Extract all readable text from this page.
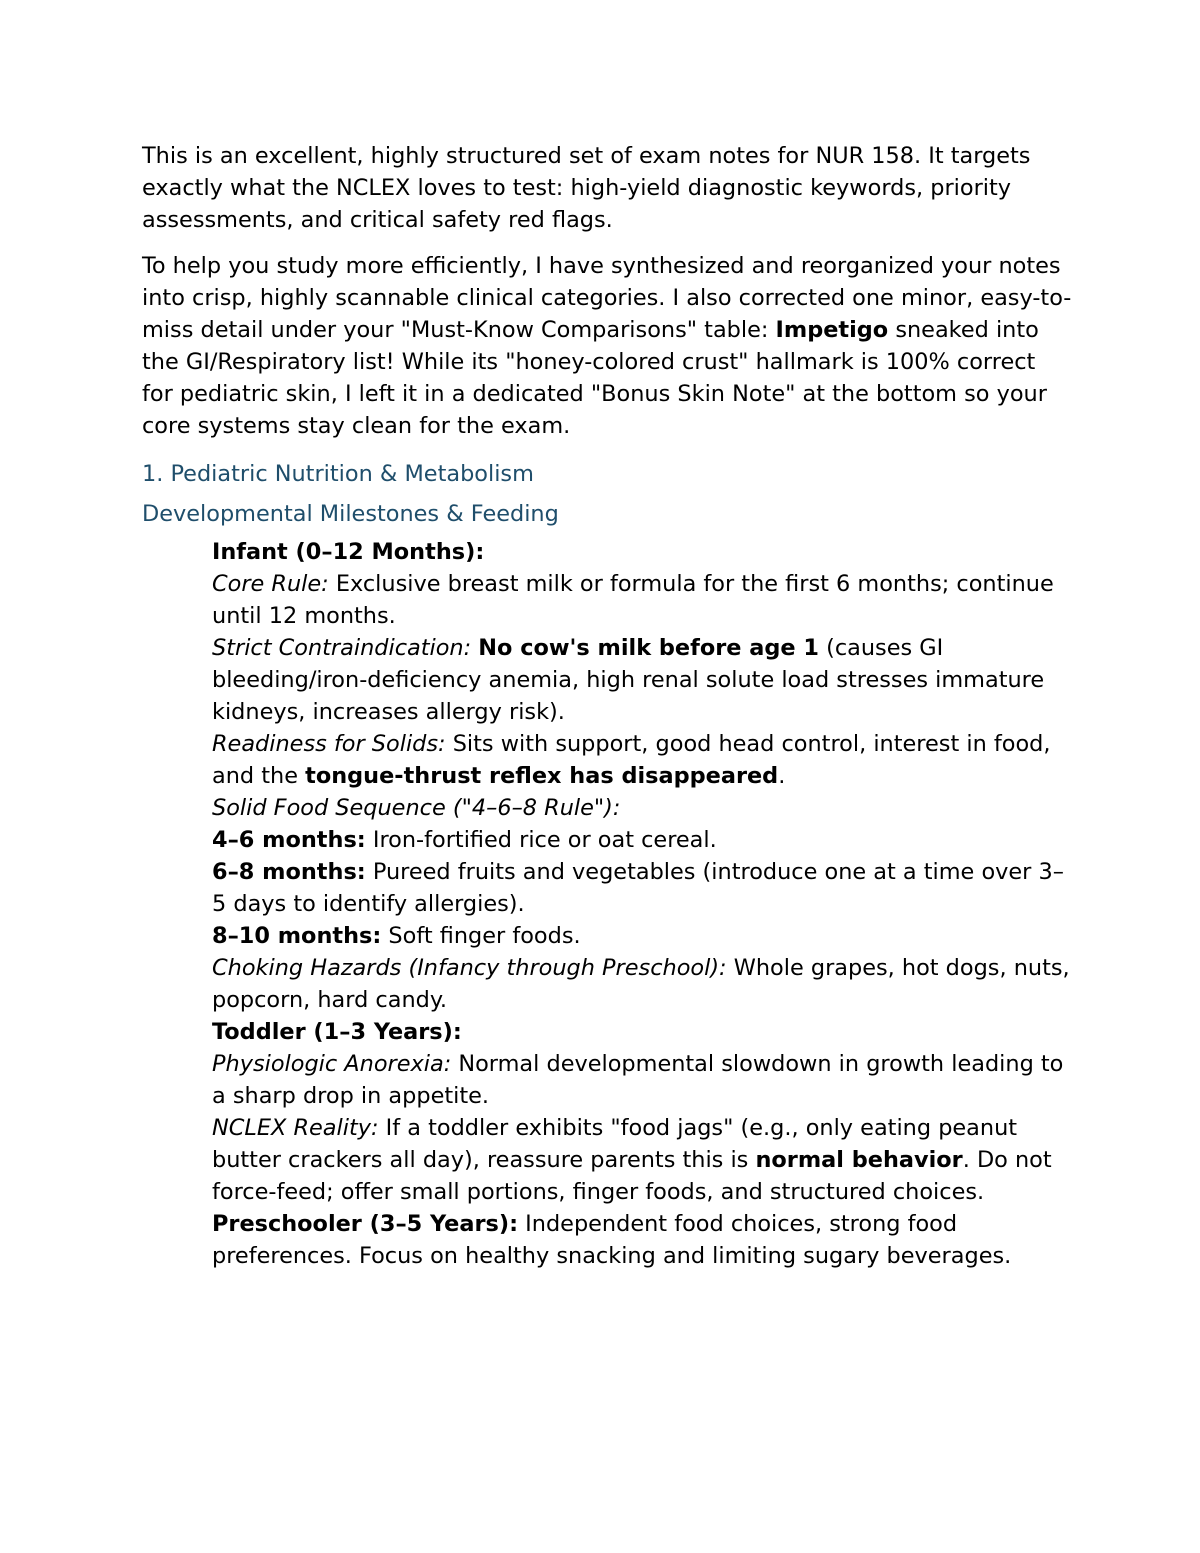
This is an excellent, highly structured set of exam notes for NUR 158. It targets exactly what the NCLEX loves to test: high-yield diagnostic keywords, priority assessments, and critical safety red flags.

To help you study more efficiently, I have synthesized and reorganized your notes into crisp, highly scannable clinical categories. I also corrected one minor, easy-to-miss detail under your "Must-Know Comparisons" table: Impetigo sneaked into the GI/Respiratory list! While its "honey-colored crust" hallmark is 100% correct for pediatric skin, I left it in a dedicated "Bonus Skin Note" at the bottom so your core systems stay clean for the exam.

1. Pediatric Nutrition & Metabolism

Developmental Milestones & Feeding

Infant (0–12 Months):

Core Rule: Exclusive breast milk or formula for the first 6 months; continue until 12 months.

Strict Contraindication: No cow's milk before age 1 (causes GI bleeding/iron-deficiency anemia, high renal solute load stresses immature kidneys, increases allergy risk).

Readiness for Solids: Sits with support, good head control, interest in food, and the tongue-thrust reflex has disappeared.

Solid Food Sequence ("4–6–8 Rule"):

4–6 months: Iron-fortified rice or oat cereal.

6–8 months: Pureed fruits and vegetables (introduce one at a time over 3–5 days to identify allergies).

8–10 months: Soft finger foods.

Choking Hazards (Infancy through Preschool): Whole grapes, hot dogs, nuts, popcorn, hard candy.

Toddler (1–3 Years):

Physiologic Anorexia: Normal developmental slowdown in growth leading to a sharp drop in appetite.

NCLEX Reality: If a toddler exhibits "food jags" (e.g., only eating peanut butter crackers all day), reassure parents this is normal behavior. Do not force-feed; offer small portions, finger foods, and structured choices.

Preschooler (3–5 Years): Independent food choices, strong food preferences. Focus on healthy snacking and limiting sugary beverages.
